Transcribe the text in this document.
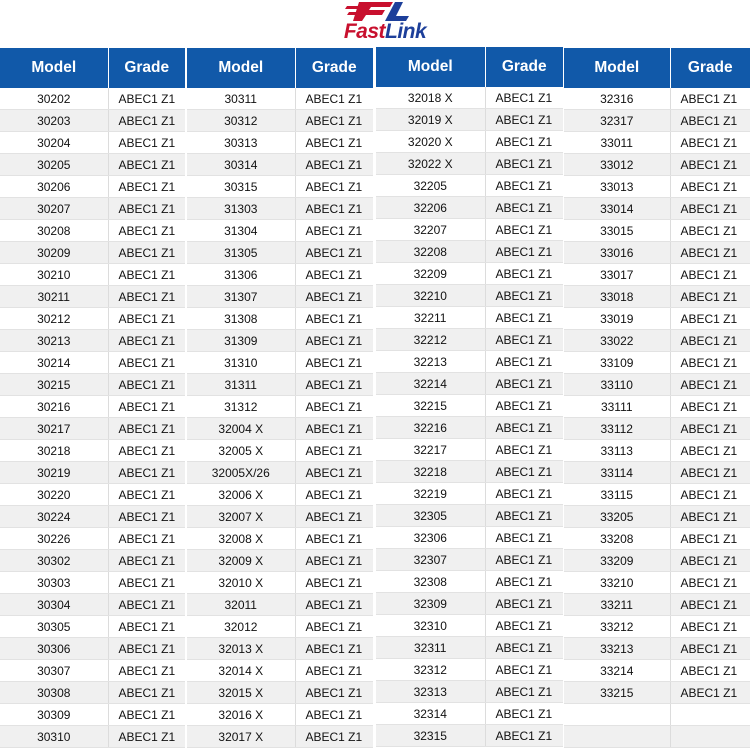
FastLink
Model	Grade
30202	ABEC1 Z1
30203	ABEC1 Z1
30204	ABEC1 Z1
30205	ABEC1 Z1
30206	ABEC1 Z1
30207	ABEC1 Z1
30208	ABEC1 Z1
30209	ABEC1 Z1
30210	ABEC1 Z1
30211	ABEC1 Z1
30212	ABEC1 Z1
30213	ABEC1 Z1
30214	ABEC1 Z1
30215	ABEC1 Z1
30216	ABEC1 Z1
30217	ABEC1 Z1
30218	ABEC1 Z1
30219	ABEC1 Z1
30220	ABEC1 Z1
30224	ABEC1 Z1
30226	ABEC1 Z1
30302	ABEC1 Z1
30303	ABEC1 Z1
30304	ABEC1 Z1
30305	ABEC1 Z1
30306	ABEC1 Z1
30307	ABEC1 Z1
30308	ABEC1 Z1
30309	ABEC1 Z1
30310	ABEC1 Z1
Model	Grade
30311	ABEC1 Z1
30312	ABEC1 Z1
30313	ABEC1 Z1
30314	ABEC1 Z1
30315	ABEC1 Z1
31303	ABEC1 Z1
31304	ABEC1 Z1
31305	ABEC1 Z1
31306	ABEC1 Z1
31307	ABEC1 Z1
31308	ABEC1 Z1
31309	ABEC1 Z1
31310	ABEC1 Z1
31311	ABEC1 Z1
31312	ABEC1 Z1
32004 X	ABEC1 Z1
32005 X	ABEC1 Z1
32005X/26	ABEC1 Z1
32006 X	ABEC1 Z1
32007 X	ABEC1 Z1
32008 X	ABEC1 Z1
32009 X	ABEC1 Z1
32010 X	ABEC1 Z1
32011	ABEC1 Z1
32012	ABEC1 Z1
32013 X	ABEC1 Z1
32014 X	ABEC1 Z1
32015 X	ABEC1 Z1
32016 X	ABEC1 Z1
32017 X	ABEC1 Z1
Model	Grade
32018 X	ABEC1 Z1
32019 X	ABEC1 Z1
32020 X	ABEC1 Z1
32022 X	ABEC1 Z1
32205	ABEC1 Z1
32206	ABEC1 Z1
32207	ABEC1 Z1
32208	ABEC1 Z1
32209	ABEC1 Z1
32210	ABEC1 Z1
32211	ABEC1 Z1
32212	ABEC1 Z1
32213	ABEC1 Z1
32214	ABEC1 Z1
32215	ABEC1 Z1
32216	ABEC1 Z1
32217	ABEC1 Z1
32218	ABEC1 Z1
32219	ABEC1 Z1
32305	ABEC1 Z1
32306	ABEC1 Z1
32307	ABEC1 Z1
32308	ABEC1 Z1
32309	ABEC1 Z1
32310	ABEC1 Z1
32311	ABEC1 Z1
32312	ABEC1 Z1
32313	ABEC1 Z1
32314	ABEC1 Z1
32315	ABEC1 Z1
Model	Grade
32316	ABEC1 Z1
32317	ABEC1 Z1
33011	ABEC1 Z1
33012	ABEC1 Z1
33013	ABEC1 Z1
33014	ABEC1 Z1
33015	ABEC1 Z1
33016	ABEC1 Z1
33017	ABEC1 Z1
33018	ABEC1 Z1
33019	ABEC1 Z1
33022	ABEC1 Z1
33109	ABEC1 Z1
33110	ABEC1 Z1
33111	ABEC1 Z1
33112	ABEC1 Z1
33113	ABEC1 Z1
33114	ABEC1 Z1
33115	ABEC1 Z1
33205	ABEC1 Z1
33208	ABEC1 Z1
33209	ABEC1 Z1
33210	ABEC1 Z1
33211	ABEC1 Z1
33212	ABEC1 Z1
33213	ABEC1 Z1
33214	ABEC1 Z1
33215	ABEC1 Z1
